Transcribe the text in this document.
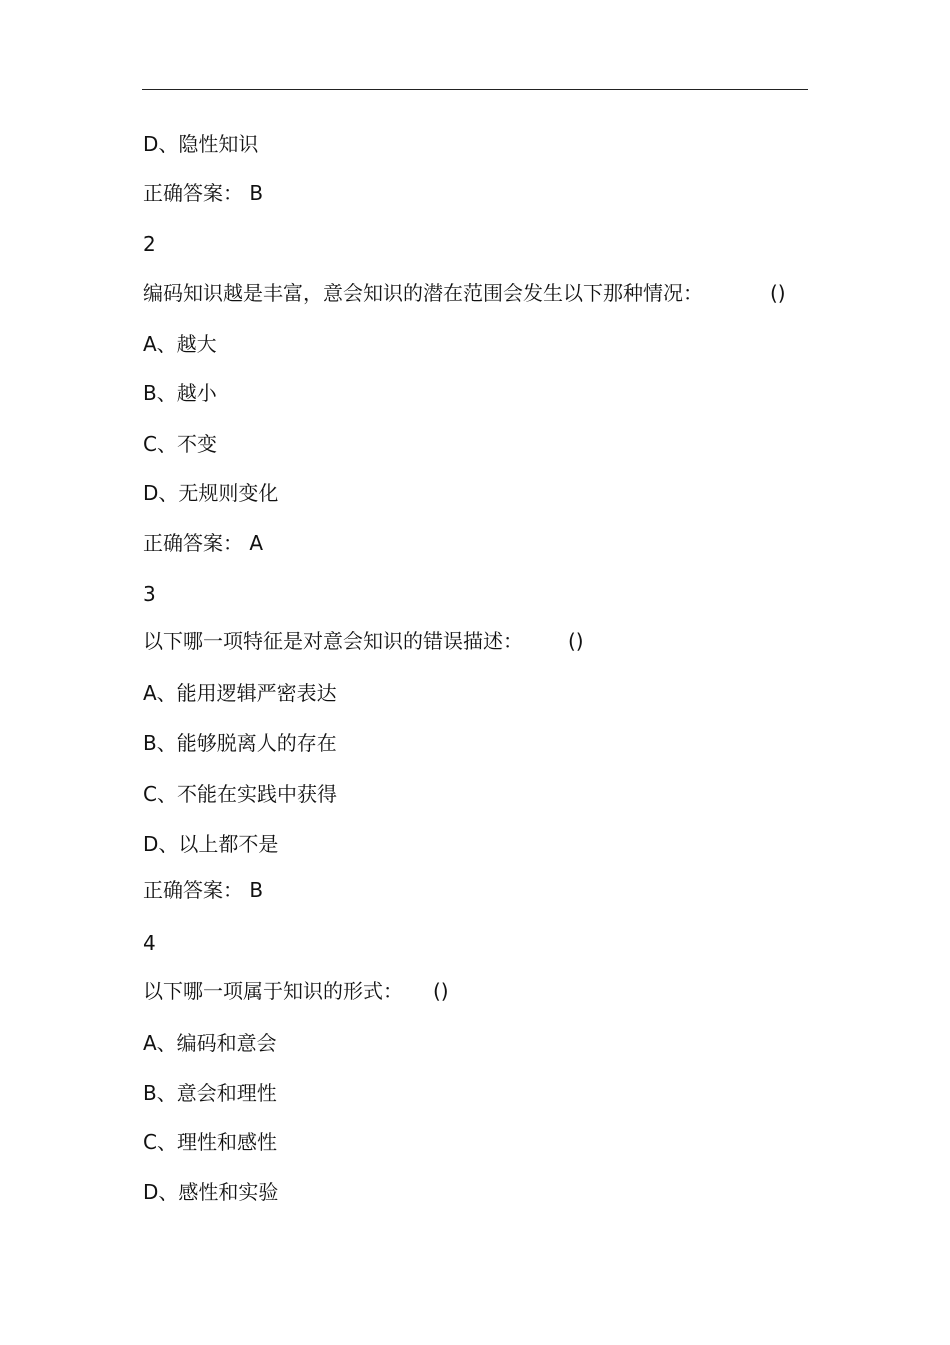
D、隐性知识
正确答案： B
2
编码知识越是丰富，意会知识的潜在范围会发生以下那种情况：	()
A、越大
B、越小
C、不变
D、无规则变化
正确答案： A
3
以下哪一项特征是对意会知识的错误描述： ()
A、能用逻辑严密表达
B、能够脱离人的存在
C、不能在实践中获得
D、以上都不是
正确答案： B
4
以下哪一项属于知识的形式： ()
A、编码和意会
B、意会和理性
C、理性和感性
D、感性和实验
